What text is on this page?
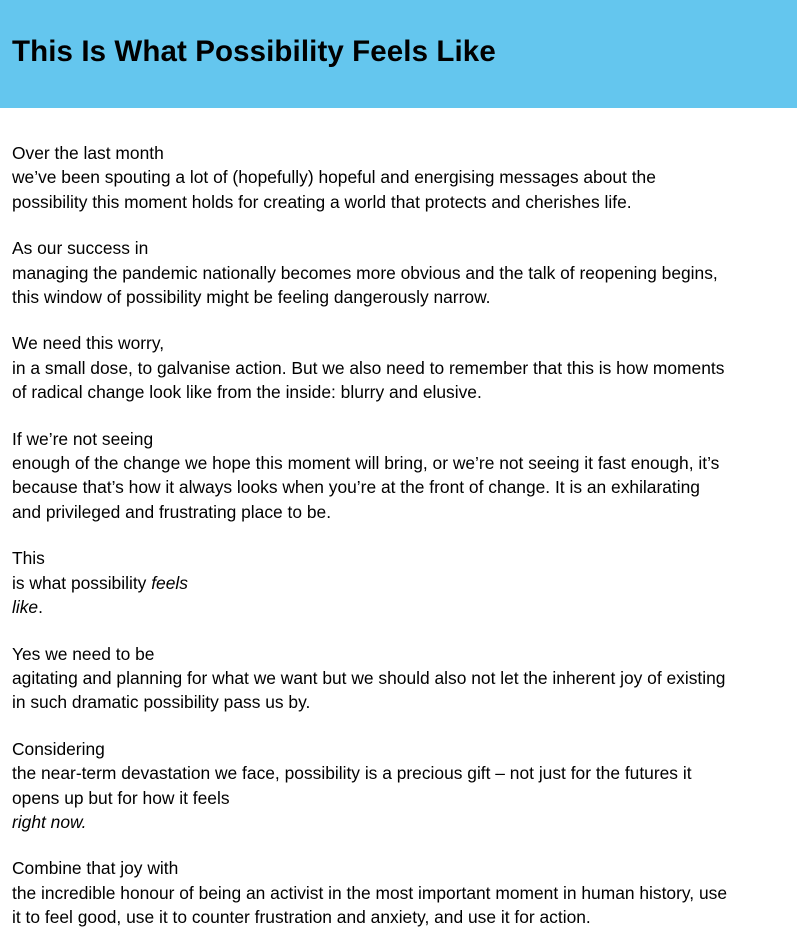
This Is What Possibility Feels Like

Over the last month
we’ve been spouting a lot of (hopefully) hopeful and energising messages about the
possibility this moment holds for creating a world that protects and cherishes life.

As our success in
managing the pandemic nationally becomes more obvious and the talk of reopening begins,
this window of possibility might be feeling dangerously narrow.

We need this worry,
in a small dose, to galvanise action. But we also need to remember that this is how moments
of radical change look like from the inside: blurry and elusive.

If we’re not seeing
enough of the change we hope this moment will bring, or we’re not seeing it fast enough, it’s
because that’s how it always looks when you’re at the front of change. It is an exhilarating
and privileged and frustrating place to be.

This
is what possibility feels
like.

Yes we need to be
agitating and planning for what we want but we should also not let the inherent joy of existing
in such dramatic possibility pass us by.

Considering
the near-term devastation we face, possibility is a precious gift – not just for the futures it
opens up but for how it feels
right now.

Combine that joy with
the incredible honour of being an activist in the most important moment in human history, use
it to feel good, use it to counter frustration and anxiety, and use it for action.
